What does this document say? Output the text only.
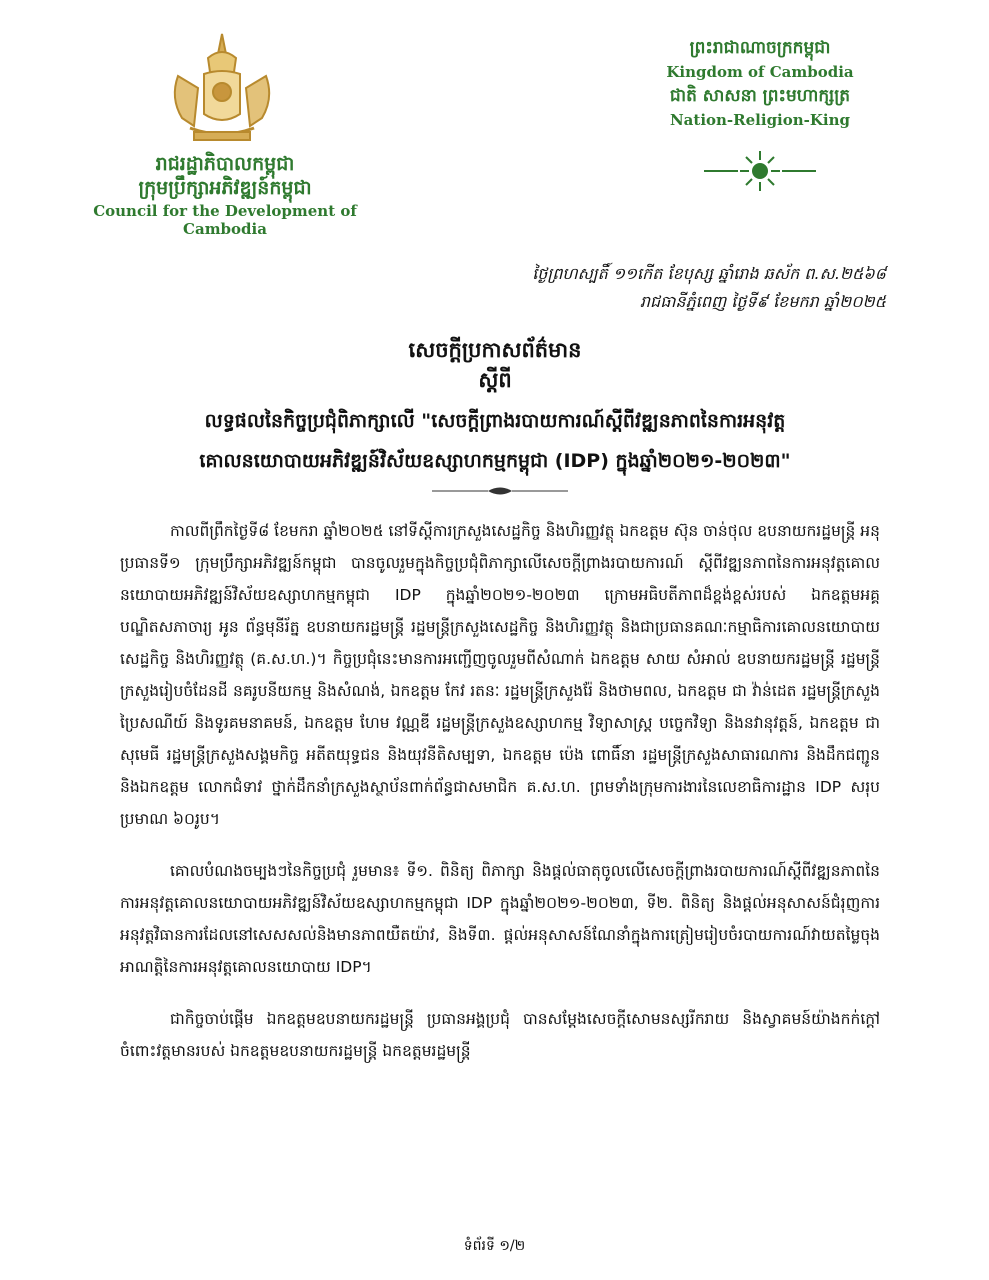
រាជរដ្ឋាភិបាលកម្ពុជា
ក្រុមប្រឹក្សាអភិវឌ្ឍន៍កម្ពុជា
Council for the Development of Cambodia
ព្រះរាជាណាចក្រកម្ពុជា
Kingdom of Cambodia
ជាតិ សាសនា ព្រះមហាក្សត្រ
Nation-Religion-King
ថ្ងៃព្រហស្បតិ៍ ១១កើត ខែបុស្ស ឆ្នាំរោង ឆស័ក ព.ស.២៥៦៨
រាជធានីភ្នំពេញ ថ្ងៃទី៩ ខែមករា ឆ្នាំ២០២៥
សេចក្តីប្រកាសព័ត៌មាន
ស្តីពី
លទ្ធផលនៃកិច្ចប្រជុំពិភាក្សាលើ "សេចក្តីព្រាងរបាយការណ៍ស្តីពីវឌ្ឍនភាពនៃការអនុវត្ត
គោលនយោបាយអភិវឌ្ឍន៍វិស័យឧស្សាហកម្មកម្ពុជា (IDP) ក្នុងឆ្នាំ២០២១-២០២៣"

កាលពីព្រឹកថ្ងៃទី៨ ខែមករា ឆ្នាំ២០២៥ នៅទីស្តីការក្រសួងសេដ្ឋកិច្ច និងហិរញ្ញវត្ថុ ឯកឧត្តម ស៊ុន ចាន់ថុល ឧបនាយករដ្ឋមន្ត្រី អនុប្រធានទី១ ក្រុមប្រឹក្សាអភិវឌ្ឍន៍កម្ពុជា បានចូលរួមក្នុងកិច្ចប្រជុំពិភាក្សាលើសេចក្តីព្រាងរបាយការណ៍ ស្តីពីវឌ្ឍនភាពនៃការអនុវត្តគោលនយោបាយអភិវឌ្ឍន៍វិស័យឧស្សាហកម្មកម្ពុជា IDP ក្នុងឆ្នាំ២០២១-២០២៣ ក្រោមអធិបតីភាពដ៏ខ្ពង់ខ្ពស់របស់ ឯកឧត្តមអគ្គបណ្ឌិតសភាចារ្យ អូន ព័ន្ធមុនីរ័ត្ន ឧបនាយករដ្ឋមន្ត្រី រដ្ឋមន្ត្រីក្រសួងសេដ្ឋកិច្ច និងហិរញ្ញវត្ថុ និងជាប្រធានគណៈកម្មាធិការគោលនយោបាយសេដ្ឋកិច្ច និងហិរញ្ញវត្ថុ (គ.ស.ហ.)។ កិច្ចប្រជុំនេះមានការអញ្ជើញចូលរួមពីសំណាក់ ឯកឧត្តម សាយ សំអាល់ ឧបនាយករដ្ឋមន្ត្រី រដ្ឋមន្ត្រីក្រសួងរៀបចំដែនដី នគរូបនីយកម្ម និងសំណង់, ឯកឧត្តម កែវ រតនៈ រដ្ឋមន្ត្រីក្រសួងរ៉ែ និងថាមពល, ឯកឧត្តម ជា វ៉ាន់ដេត រដ្ឋមន្ត្រីក្រសួងប្រៃសណីយ៍ និងទូរគមនាគមន៍, ឯកឧត្តម ហែម វណ្ណឌី រដ្ឋមន្ត្រីក្រសួងឧស្សាហកម្ម វិទ្យាសាស្ត្រ បច្ចេកវិទ្យា និងនវានុវត្តន៍, ឯកឧត្តម ជា សុមេធី រដ្ឋមន្ត្រីក្រសួងសង្គមកិច្ច អតីតយុទ្ធជន និងយុវនីតិសម្បទា, ឯកឧត្តម ប៉េង ពោធិ៍នា រដ្ឋមន្ត្រីក្រសួងសាធារណការ និងដឹកជញ្ជូន និងឯកឧត្តម លោកជំទាវ ថ្នាក់ដឹកនាំក្រសួងស្ថាប័នពាក់ព័ន្ធជាសមាជិក គ.ស.ហ. ព្រមទាំងក្រុមការងារនៃលេខាធិការដ្ឋាន IDP សរុបប្រមាណ ៦០រូប។

គោលបំណងចម្បងៗនៃកិច្ចប្រជុំ រួមមាន៖ ទី១. ពិនិត្យ ពិភាក្សា និងផ្តល់ធាតុចូលលើសេចក្តីព្រាងរបាយការណ៍ស្តីពីវឌ្ឍនភាពនៃការអនុវត្តគោលនយោបាយអភិវឌ្ឍន៍វិស័យឧស្សាហកម្មកម្ពុជា IDP ក្នុងឆ្នាំ២០២១-២០២៣, ទី២. ពិនិត្យ និងផ្តល់អនុសាសន៍ជំរុញការអនុវត្តវិធានការដែលនៅសេសសល់និងមានភាពយឺតយ៉ាវ, និងទី៣. ផ្តល់អនុសាសន៍ណែនាំក្នុងការត្រៀមរៀបចំរបាយការណ៍វាយតម្លៃចុងអាណត្តិនៃការអនុវត្តគោលនយោបាយ IDP។

ជាកិច្ចចាប់ផ្តើម ឯកឧត្តមឧបនាយករដ្ឋមន្ត្រី ប្រធានអង្គប្រជុំ បានសម្តែងសេចក្តីសោមនស្សរីករាយ និងស្វាគមន៍យ៉ាងកក់ក្តៅចំពោះវត្តមានរបស់ ឯកឧត្តមឧបនាយករដ្ឋមន្ត្រី ឯកឧត្តមរដ្ឋមន្ត្រី

ទំព័រទី ១/២
